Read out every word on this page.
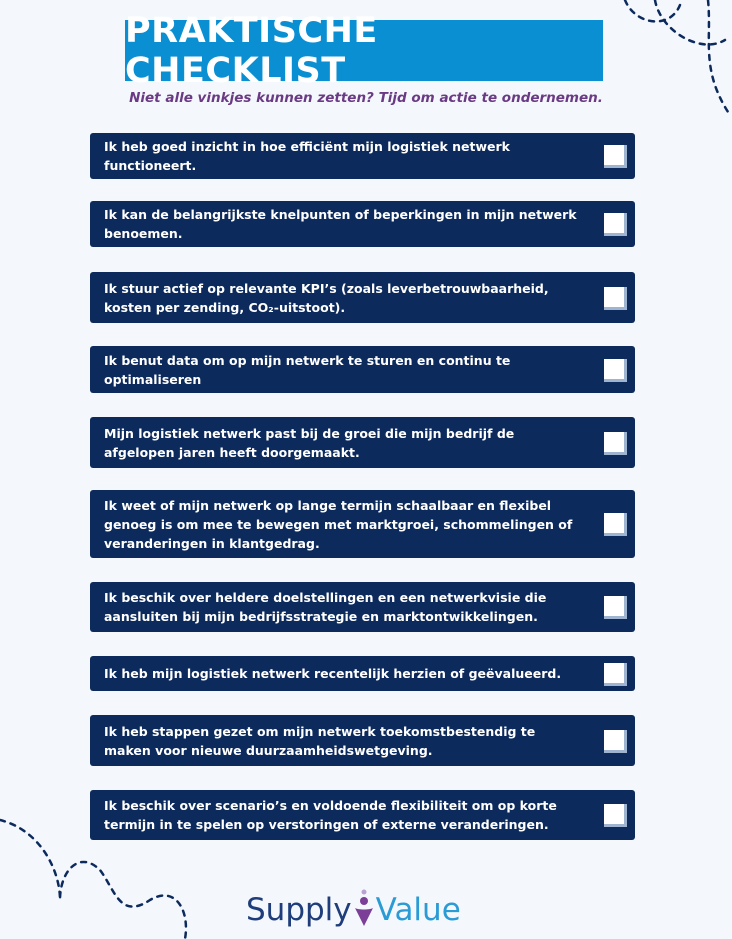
PRAKTISCHE CHECKLIST
Niet alle vinkjes kunnen zetten? Tijd om actie te ondernemen.
Ik heb goed inzicht in hoe efficiënt mijn logistiek netwerk functioneert.
Ik kan de belangrijkste knelpunten of beperkingen in mijn netwerk benoemen.
Ik stuur actief op relevante KPI’s (zoals leverbetrouwbaarheid, kosten per zending, CO₂-uitstoot).
Ik benut data om op mijn netwerk te sturen en continu te optimaliseren
Mijn logistiek netwerk past bij de groei die mijn bedrijf de afgelopen jaren heeft doorgemaakt.
Ik weet of mijn netwerk op lange termijn schaalbaar en flexibel genoeg is om mee te bewegen met marktgroei, schommelingen of veranderingen in klantgedrag.
Ik beschik over heldere doelstellingen en een netwerkvisie die aansluiten bij mijn bedrijfsstrategie en marktontwikkelingen.
Ik heb mijn logistiek netwerk recentelijk herzien of geëvalueerd.
Ik heb stappen gezet om mijn netwerk toekomstbestendig te maken voor nieuwe duurzaamheidswetgeving.
Ik beschik over scenario’s en voldoende flexibiliteit om op korte termijn in te spelen op verstoringen of externe veranderingen.
Supply Value
